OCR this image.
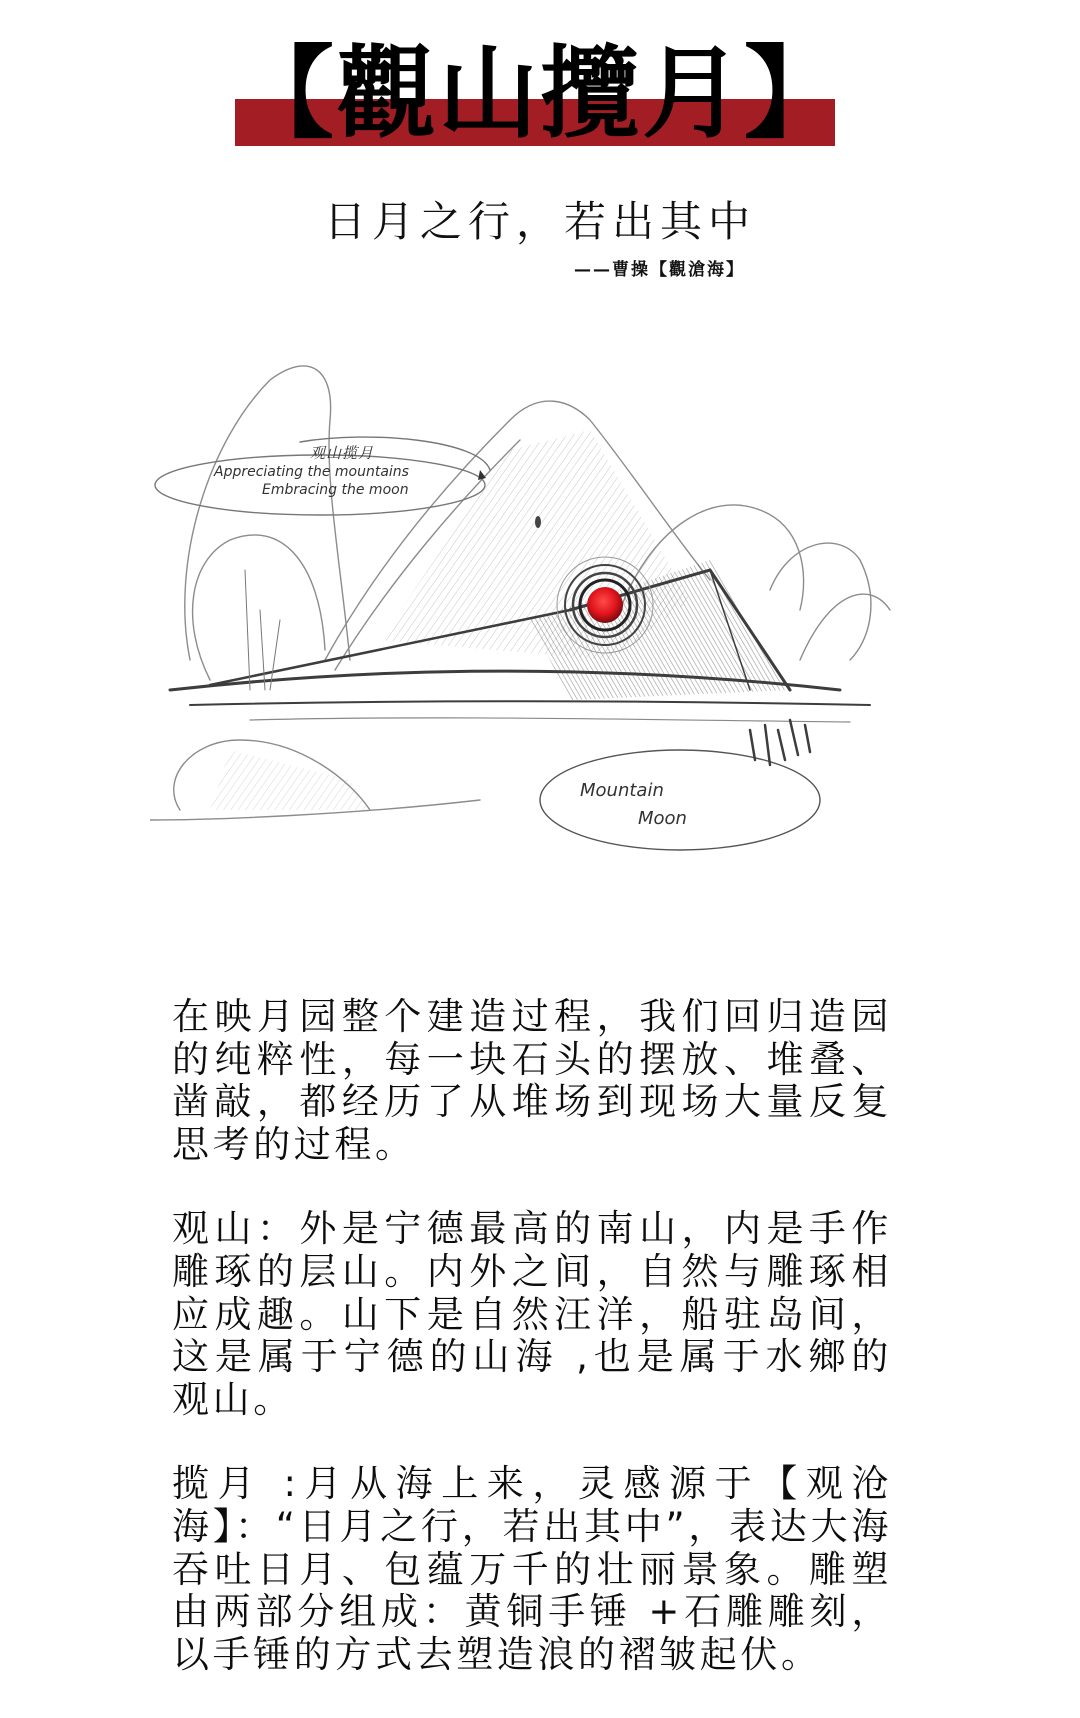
【觀山攬月】
日月之行，若出其中
——曹操【觀滄海】
观山揽月
Appreciating the mountains
Embracing the moon
Mountain
Moon

在映月园整个建造过程，我们回归造园的纯粹性，每一块石头的摆放、堆叠、凿敲，都经历了从堆场到现场大量反复思考的过程。

观山：外是宁德最高的南山，内是手作雕琢的层山。内外之间，自然与雕琢相应成趣。山下是自然汪洋，船驻岛间，这是属于宁德的山海 ,也是属于水鄉的观山。

揽月 :月从海上来，灵感源于【观沧海】：“日月之行，若出其中”，表达大海吞吐日月、包蕴万千的壮丽景象。雕塑由两部分组成：黄铜手锤 +石雕雕刻，以手锤的方式去塑造浪的褶皱起伏。
